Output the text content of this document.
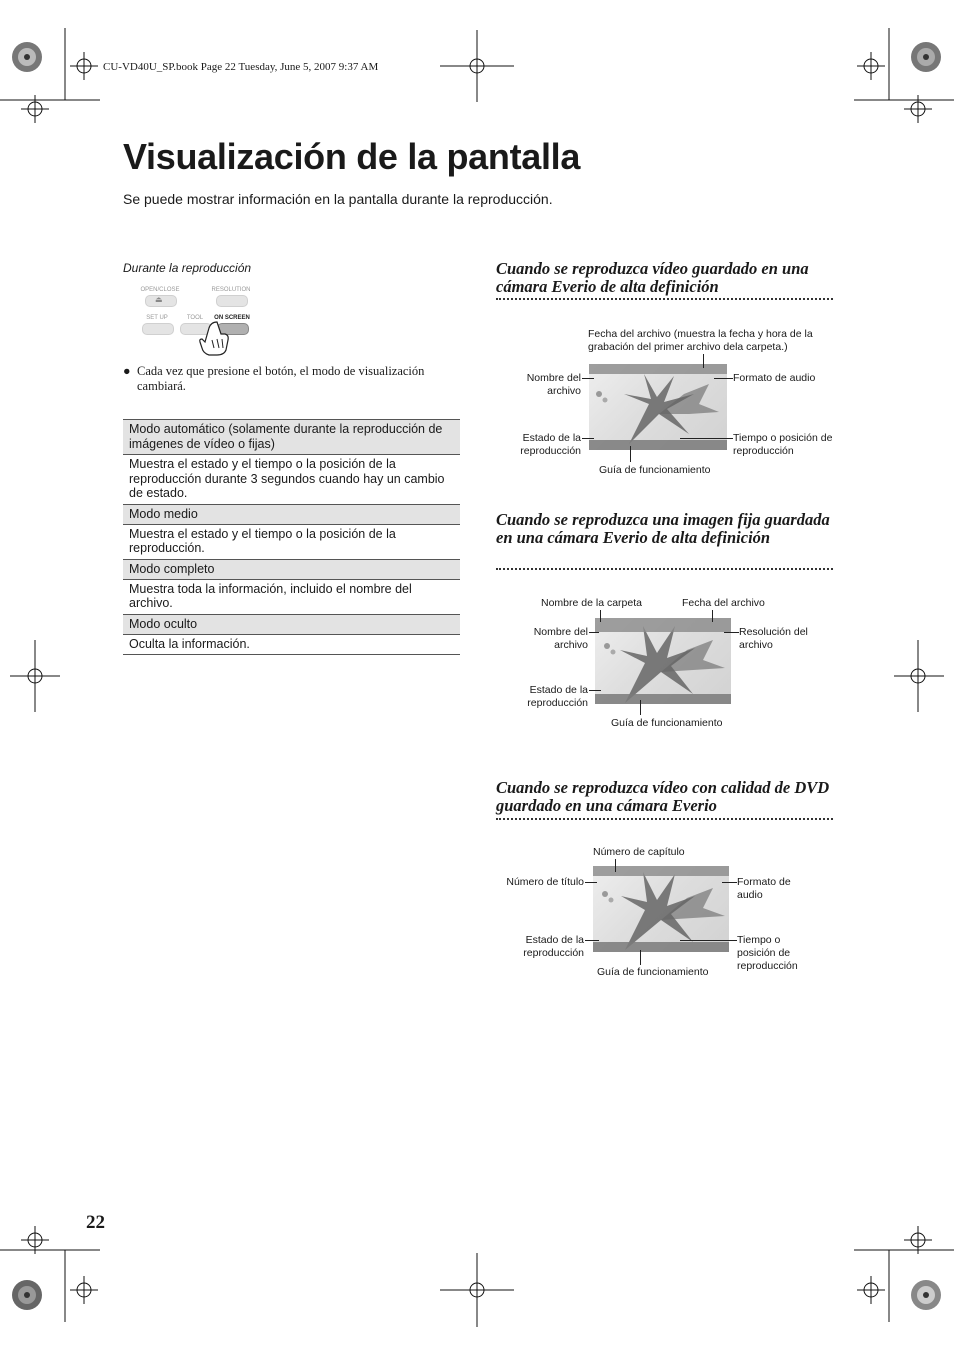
CU-VD40U_SP.book Page 22 Tuesday, June 5, 2007 9:37 AM
Visualización de la pantalla
Se puede mostrar información en la pantalla durante la reproducción.
Durante la reproducción
OPEN/CLOSE
⏏
RESOLUTION
SET UP	TOOL	ON SCREEN
● Cada vez que presione el botón, el modo de visualización cambiará.
Modo automático (solamente durante la reproducción de imágenes de vídeo o fijas)
Muestra el estado y el tiempo o la posición de la reproducción durante 3 segundos cuando hay un cambio de estado.
Modo medio
Muestra el estado y el tiempo o la posición de la reproducción.
Modo completo
Muestra toda la información, incluido el nombre del archivo.
Modo oculto
Oculta la información.
Cuando se reproduzca vídeo guardado en una cámara Everio de alta definición
Fecha del archivo (muestra la fecha y hora de la grabación del primer archivo dela carpeta.)
Nombre del archivo
Formato de audio
Estado de la reproducción
Tiempo o posición de reproducción
Guía de funcionamiento
Cuando se reproduzca una imagen fija guardada en una cámara Everio de alta definición
Nombre de la carpeta	Fecha del archivo
Nombre del archivo
Resolución del archivo
Estado de la reproducción
Guía de funcionamiento
Cuando se reproduzca vídeo con calidad de DVD guardado en una cámara Everio
Número de capítulo
Número de título	Formato de audio
Estado de la reproducción
Tiempo o posición de reproducción
Guía de funcionamiento
22
